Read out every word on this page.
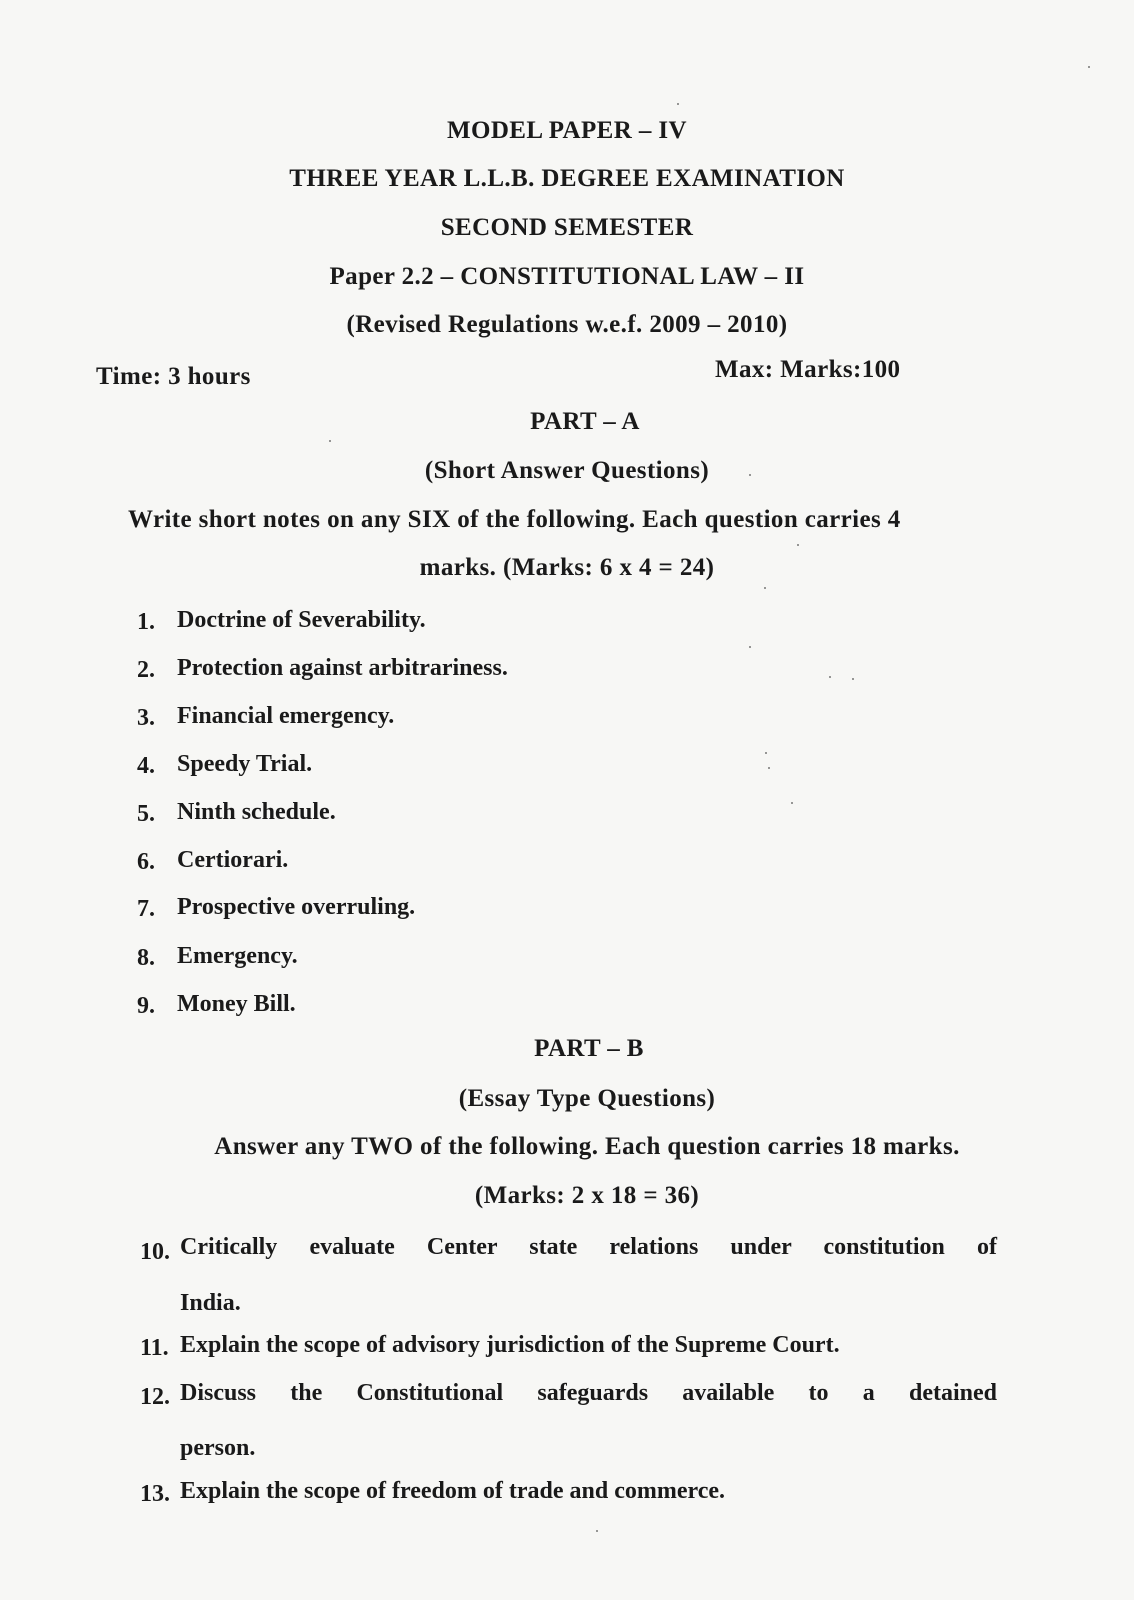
MODEL PAPER – IV
THREE YEAR L.L.B. DEGREE EXAMINATION
SECOND SEMESTER
Paper 2.2 – CONSTITUTIONAL LAW – II
(Revised Regulations w.e.f. 2009 – 2010)
Time: 3 hours	Max: Marks:100
PART – A
(Short Answer Questions)
Write short notes on any SIX of the following. Each question carries 4
marks. (Marks: 6 x 4 = 24)
1. Doctrine of Severability.
2. Protection against arbitrariness.
3. Financial emergency.
4. Speedy Trial.
5. Ninth schedule.
6. Certiorari.
7. Prospective overruling.
8. Emergency.
9. Money Bill.
PART – B
(Essay Type Questions)
Answer any TWO of the following. Each question carries 18 marks.
(Marks: 2 x 18 = 36)
10. Critically evaluate Center state relations under constitution of
India.
11. Explain the scope of advisory jurisdiction of the Supreme Court.
12. Discuss the Constitutional safeguards available to a detained
person.
13. Explain the scope of freedom of trade and commerce.
